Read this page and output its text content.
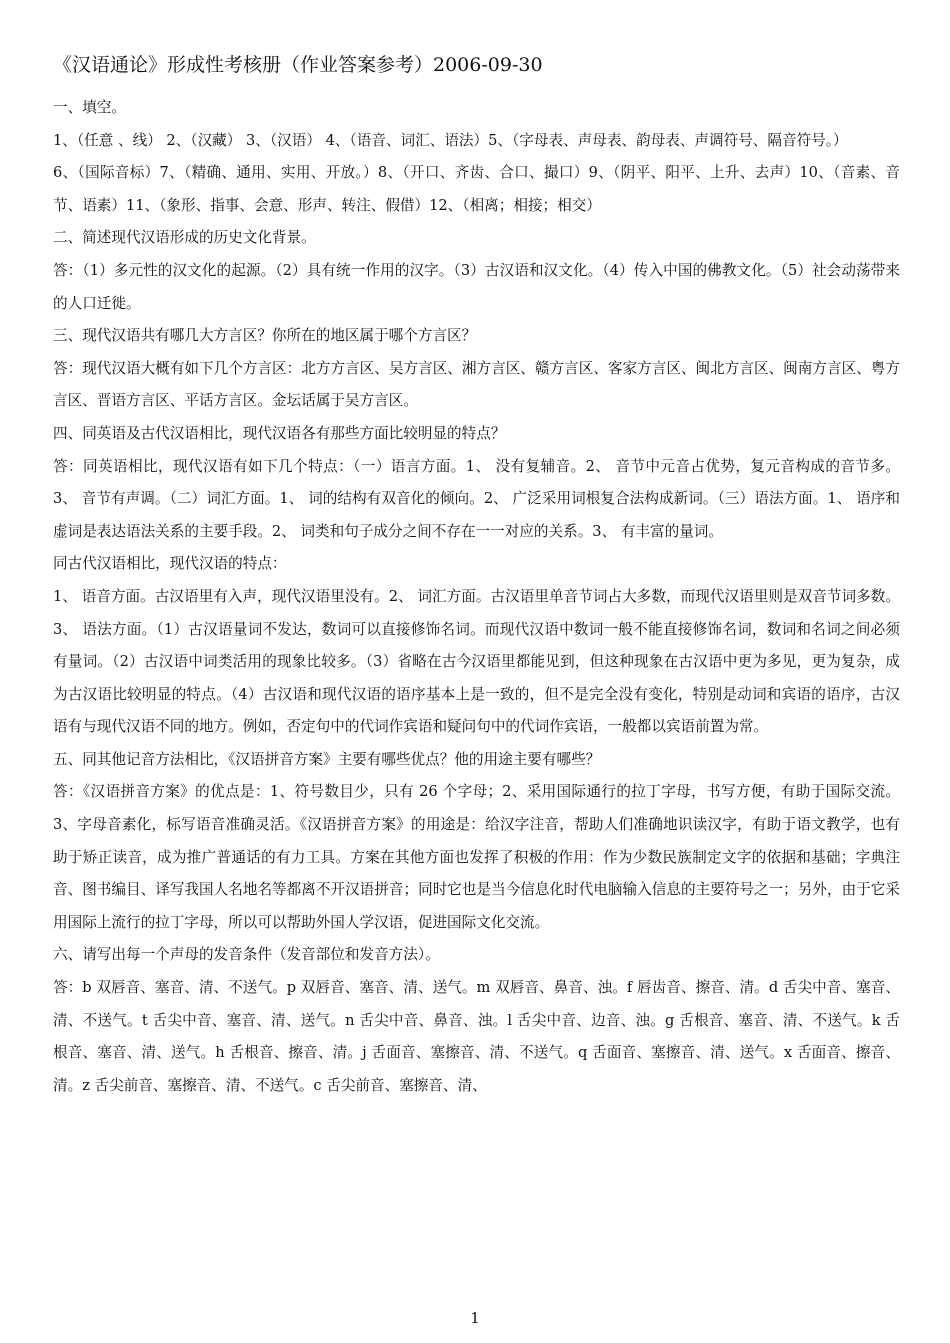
《汉语通论》形成性考核册（作业答案参考）2006-09-30

一、填空。

1、（任意 、线） 2、（汉藏） 3、（汉语） 4、（语音、词汇、语法）5、（字母表、声母表、韵母表、声调符号、隔音符号。）

6、（国际音标）7、（精确、通用、实用、开放。）8、（开口、齐齿、合口、撮口）9、（阴平、阳平、上升、去声）10、（音素、音节、语素）11、（象形、指事、会意、形声、转注、假借）12、（相离；相接；相交）

二、简述现代汉语形成的历史文化背景。

答：（1）多元性的汉文化的起源。（2）具有统一作用的汉字。（3）古汉语和汉文化。（4）传入中国的佛教文化。（5）社会动荡带来的人口迁徙。

三、现代汉语共有哪几大方言区？你所在的地区属于哪个方言区？

答：现代汉语大概有如下几个方言区：北方方言区、吴方言区、湘方言区、赣方言区、客家方言区、闽北方言区、闽南方言区、粤方言区、晋语方言区、平话方言区。金坛话属于吴方言区。

四、同英语及古代汉语相比，现代汉语各有那些方面比较明显的特点？

答：同英语相比，现代汉语有如下几个特点：（一）语言方面。1、 没有复辅音。2、 音节中元音占优势，复元音构成的音节多。3、 音节有声调。（二）词汇方面。1、 词的结构有双音化的倾向。2、 广泛采用词根复合法构成新词。（三）语法方面。1、 语序和虚词是表达语法关系的主要手段。2、 词类和句子成分之间不存在一一对应的关系。3、 有丰富的量词。

同古代汉语相比，现代汉语的特点：

1、 语音方面。古汉语里有入声，现代汉语里没有。2、 词汇方面。古汉语里单音节词占大多数，而现代汉语里则是双音节词多数。3、 语法方面。（1）古汉语量词不发达，数词可以直接修饰名词。而现代汉语中数词一般不能直接修饰名词，数词和名词之间必须有量词。（2）古汉语中词类活用的现象比较多。（3）省略在古今汉语里都能见到，但这种现象在古汉语中更为多见，更为复杂，成为古汉语比较明显的特点。（4）古汉语和现代汉语的语序基本上是一致的，但不是完全没有变化，特别是动词和宾语的语序，古汉语有与现代汉语不同的地方。例如，否定句中的代词作宾语和疑问句中的代词作宾语，一般都以宾语前置为常。

五、同其他记音方法相比，《汉语拼音方案》主要有哪些优点？他的用途主要有哪些？

答：《汉语拼音方案》的优点是：1、符号数目少，只有 26 个字母；2、采用国际通行的拉丁字母，书写方便，有助于国际交流。3、字母音素化，标写语音准确灵活。《汉语拼音方案》的用途是：给汉字注音，帮助人们准确地识读汉字，有助于语文教学，也有助于矫正读音，成为推广普通话的有力工具。方案在其他方面也发挥了积极的作用：作为少数民族制定文字的依据和基础；字典注音、图书编目、译写我国人名地名等都离不开汉语拼音；同时它也是当今信息化时代电脑输入信息的主要符号之一；另外，由于它采用国际上流行的拉丁字母，所以可以帮助外国人学汉语，促进国际文化交流。

六、请写出每一个声母的发音条件（发音部位和发音方法）。

答：b 双唇音、塞音、清、不送气。p 双唇音、塞音、清、送气。m 双唇音、鼻音、浊。f 唇齿音、擦音、清。d 舌尖中音、塞音、清、不送气。t 舌尖中音、塞音、清、送气。n 舌尖中音、鼻音、浊。l 舌尖中音、边音、浊。g 舌根音、塞音、清、不送气。k 舌根音、塞音、清、送气。h 舌根音、擦音、清。j 舌面音、塞擦音、清、不送气。q 舌面音、塞擦音、清、送气。x 舌面音、擦音、清。z 舌尖前音、塞擦音、清、不送气。c 舌尖前音、塞擦音、清、

1
